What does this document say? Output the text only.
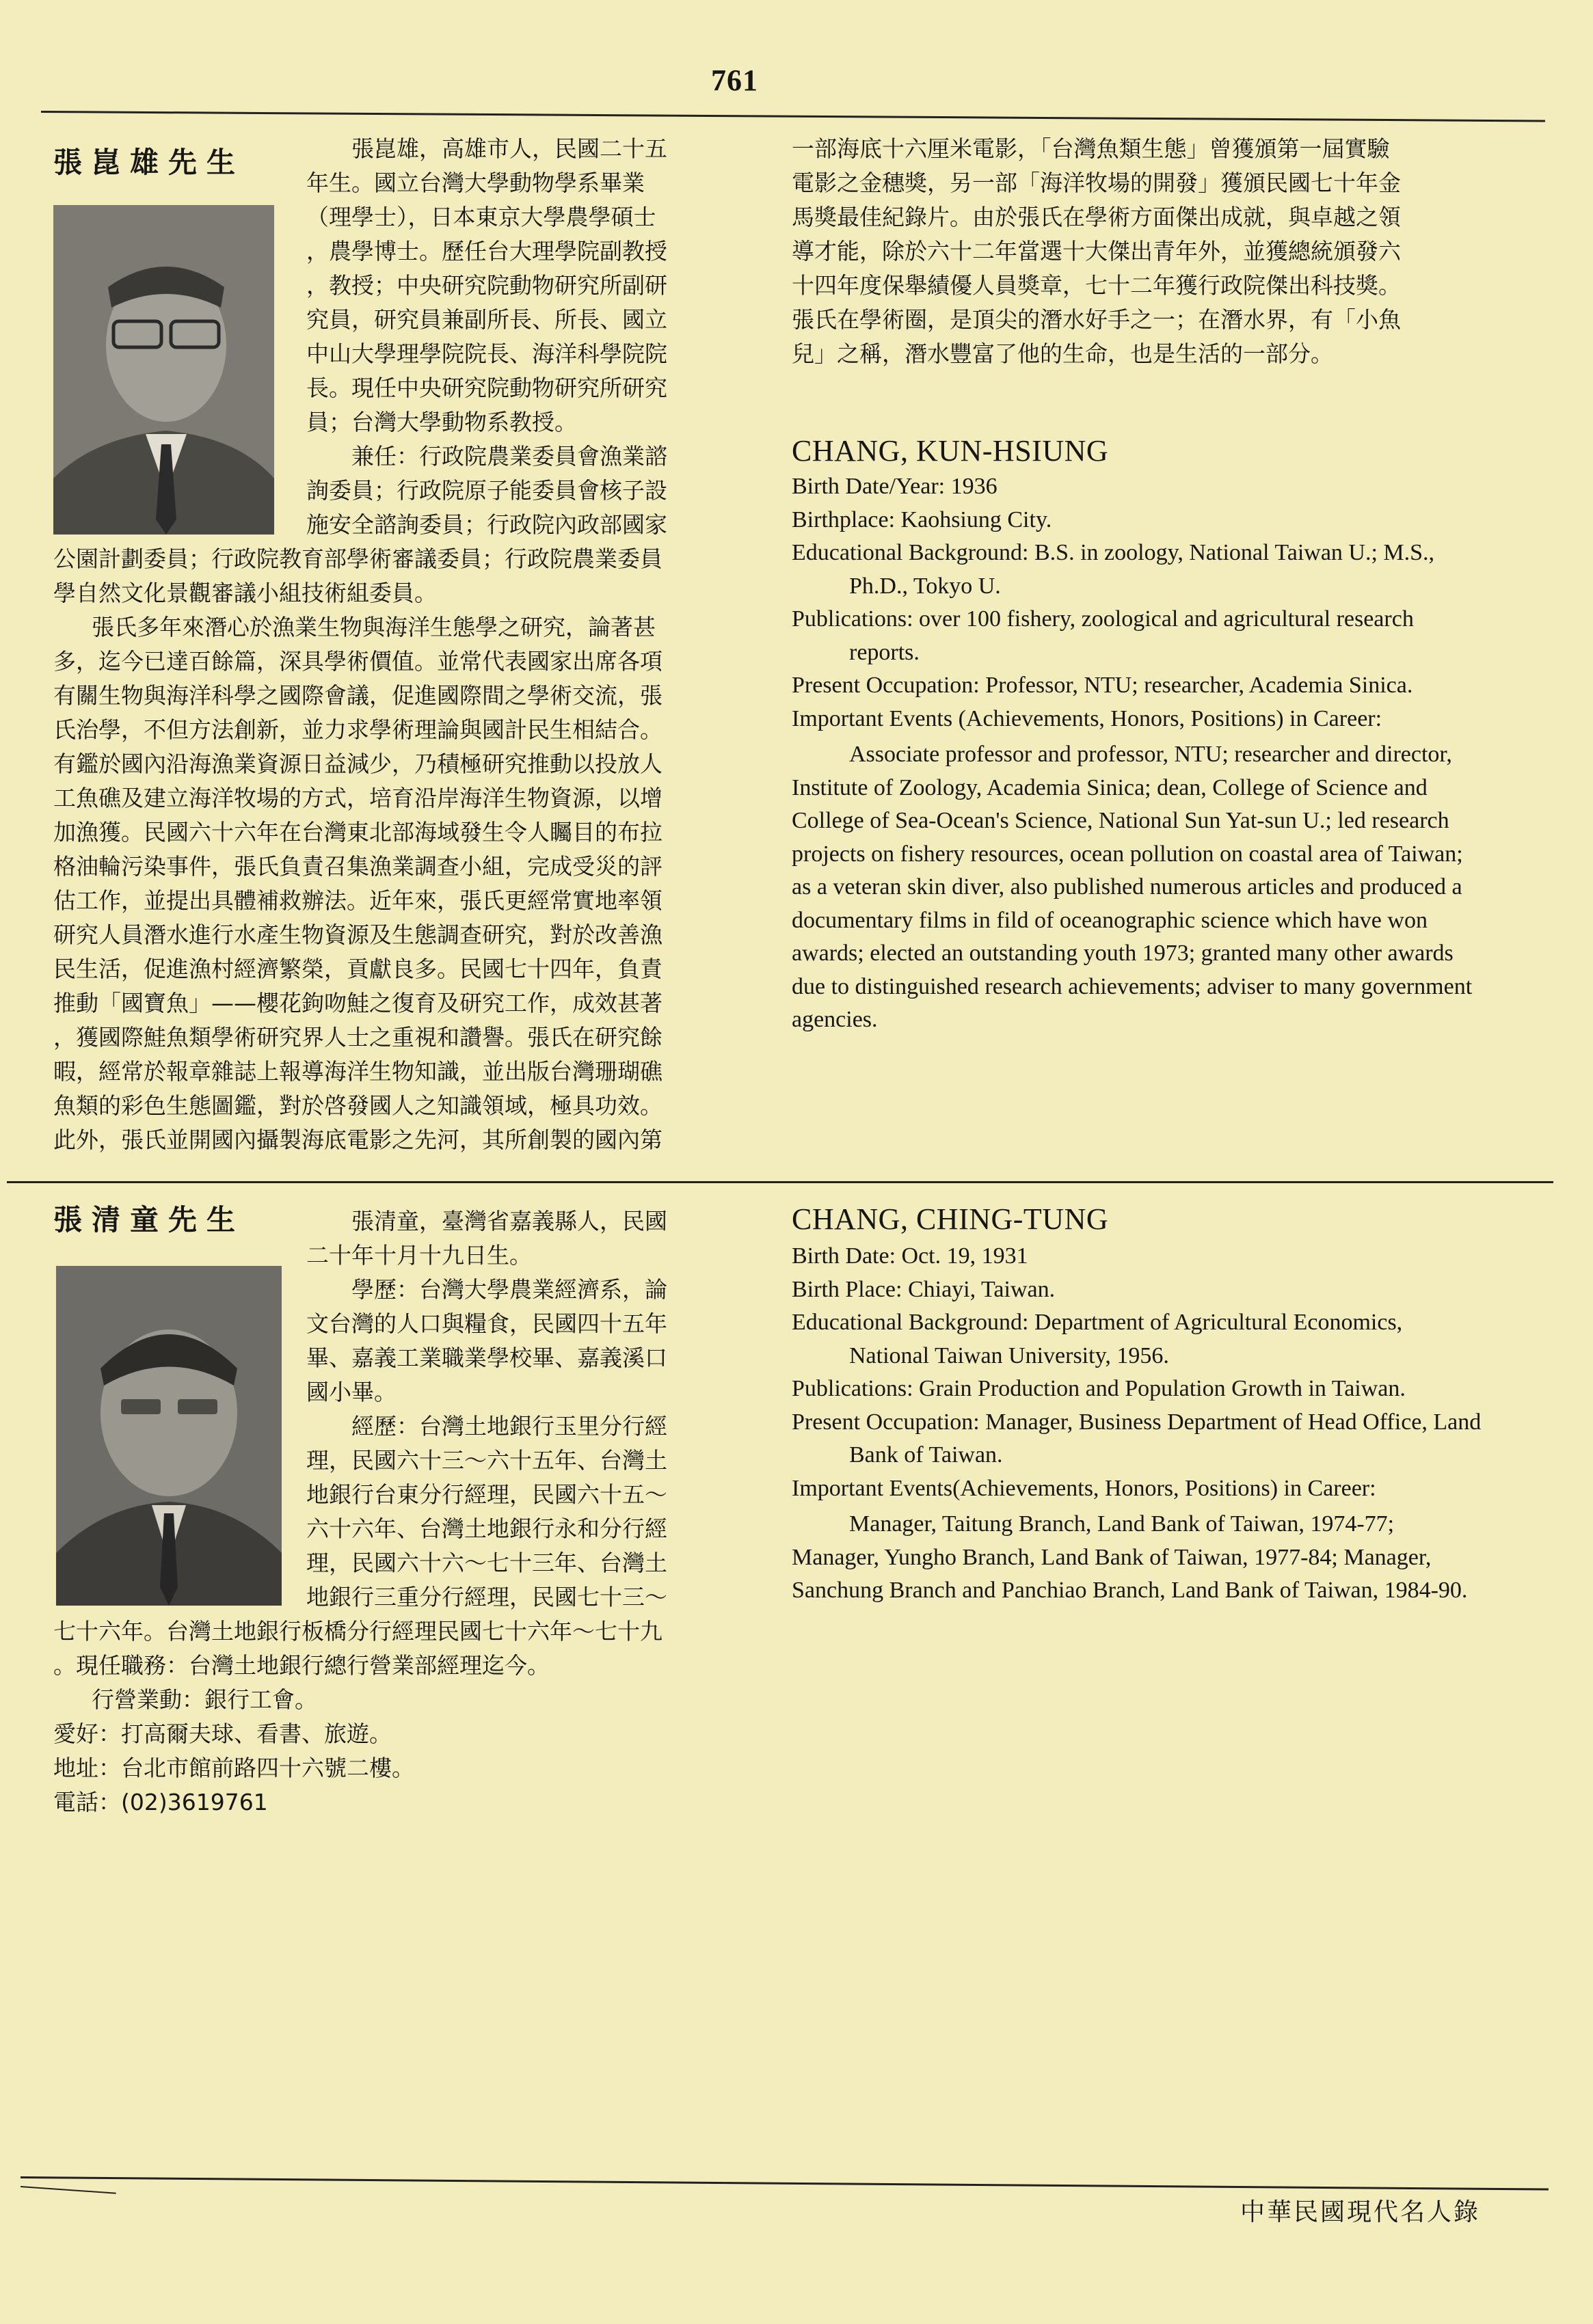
761
張崑雄先生	張崑雄，高雄市人，民國二十五
年生。國立台灣大學動物學系畢業
（理學士），日本東京大學農學碩士
，農學博士。歷任台大理學院副教授
，教授；中央研究院動物研究所副研
究員，研究員兼副所長、所長、國立
中山大學理學院院長、海洋科學院院
長。現任中央研究院動物研究所研究
員；台灣大學動物系教授。
兼任：行政院農業委員會漁業諮
詢委員；行政院原子能委員會核子設
施安全諮詢委員；行政院內政部國家
公園計劃委員；行政院教育部學術審議委員；行政院農業委員
學自然文化景觀審議小組技術組委員。
張氏多年來潛心於漁業生物與海洋生態學之研究，論著甚
多，迄今已達百餘篇，深具學術價值。並常代表國家出席各項
有關生物與海洋科學之國際會議，促進國際間之學術交流，張
氏治學，不但方法創新，並力求學術理論與國計民生相結合。
有鑑於國內沿海漁業資源日益減少，乃積極研究推動以投放人
工魚礁及建立海洋牧場的方式，培育沿岸海洋生物資源，以增
加漁獲。民國六十六年在台灣東北部海域發生令人矚目的布拉
格油輪污染事件，張氏負責召集漁業調查小組，完成受災的評
估工作，並提出具體補救辦法。近年來，張氏更經常實地率領
研究人員潛水進行水產生物資源及生態調查研究，對於改善漁
民生活，促進漁村經濟繁榮，貢獻良多。民國七十四年，負責
推動「國寶魚」——櫻花鉤吻鮭之復育及研究工作，成效甚著
，獲國際鮭魚類學術研究界人士之重視和讚譽。張氏在研究餘
暇，經常於報章雜誌上報導海洋生物知識，並出版台灣珊瑚礁
魚類的彩色生態圖鑑，對於啓發國人之知識領域，極具功效。
此外，張氏並開國內攝製海底電影之先河，其所創製的國內第
一部海底十六厘米電影，「台灣魚類生態」曾獲頒第一屆實驗
電影之金穗獎，另一部「海洋牧場的開發」獲頒民國七十年金
馬獎最佳紀錄片。由於張氏在學術方面傑出成就，與卓越之領
導才能，除於六十二年當選十大傑出青年外，並獲總統頒發六
十四年度保舉績優人員獎章，七十二年獲行政院傑出科技獎。
張氏在學術圈，是頂尖的潛水好手之一；在潛水界，有「小魚
兒」之稱，潛水豐富了他的生命，也是生活的一部分。
CHANG, KUN-HSIUNG

Birth Date/Year: 1936

Birthplace: Kaohsiung City.

Educational Background: B.S. in zoology, National Taiwan U.; M.S., Ph.D., Tokyo U.

Publications: over 100 fishery, zoological and agricultural research reports.

Present Occupation: Professor, NTU; researcher, Academia Sinica.

Important Events (Achievements, Honors, Positions) in Career:

Associate professor and professor, NTU; researcher and director, Institute of Zoology, Academia Sinica; dean, College of Science and College of Sea-Ocean's Science, National Sun Yat-sun U.; led research projects on fishery resources, ocean pollution on coastal area of Taiwan; as a veteran skin diver, also published numerous articles and produced a documentary films in fild of oceanographic science which have won awards; elected an outstanding youth 1973; granted many other awards due to distinguished research achievements; adviser to many government agencies.

張清童先生	張清童，臺灣省嘉義縣人，民國
二十年十月十九日生。
學歷：台灣大學農業經濟系，論
文台灣的人口與糧食，民國四十五年
畢、嘉義工業職業學校畢、嘉義溪口
國小畢。
經歷：台灣土地銀行玉里分行經
理，民國六十三～六十五年、台灣土
地銀行台東分行經理，民國六十五～
六十六年、台灣土地銀行永和分行經
理，民國六十六～七十三年、台灣土
地銀行三重分行經理，民國七十三～
七十六年。台灣土地銀行板橋分行經理民國七十六年～七十九
。現任職務：台灣土地銀行總行營業部經理迄今。
行營業動：銀行工會。
愛好：打高爾夫球、看書、旅遊。
地址：台北市館前路四十六號二樓。
電話：(02)3619761
CHANG, CHING-TUNG

Birth Date: Oct. 19, 1931

Birth Place: Chiayi, Taiwan.

Educational Background: Department of Agricultural Economics, National Taiwan University, 1956.

Publications: Grain Production and Population Growth in Taiwan.

Present Occupation: Manager, Business Department of Head Office, Land Bank of Taiwan.

Important Events(Achievements, Honors, Positions) in Career:

Manager, Taitung Branch, Land Bank of Taiwan, 1974-77; Manager, Yungho Branch, Land Bank of Taiwan, 1977-84; Manager, Sanchung Branch and Panchiao Branch, Land Bank of Taiwan, 1984-90.

中華民國現代名人錄
